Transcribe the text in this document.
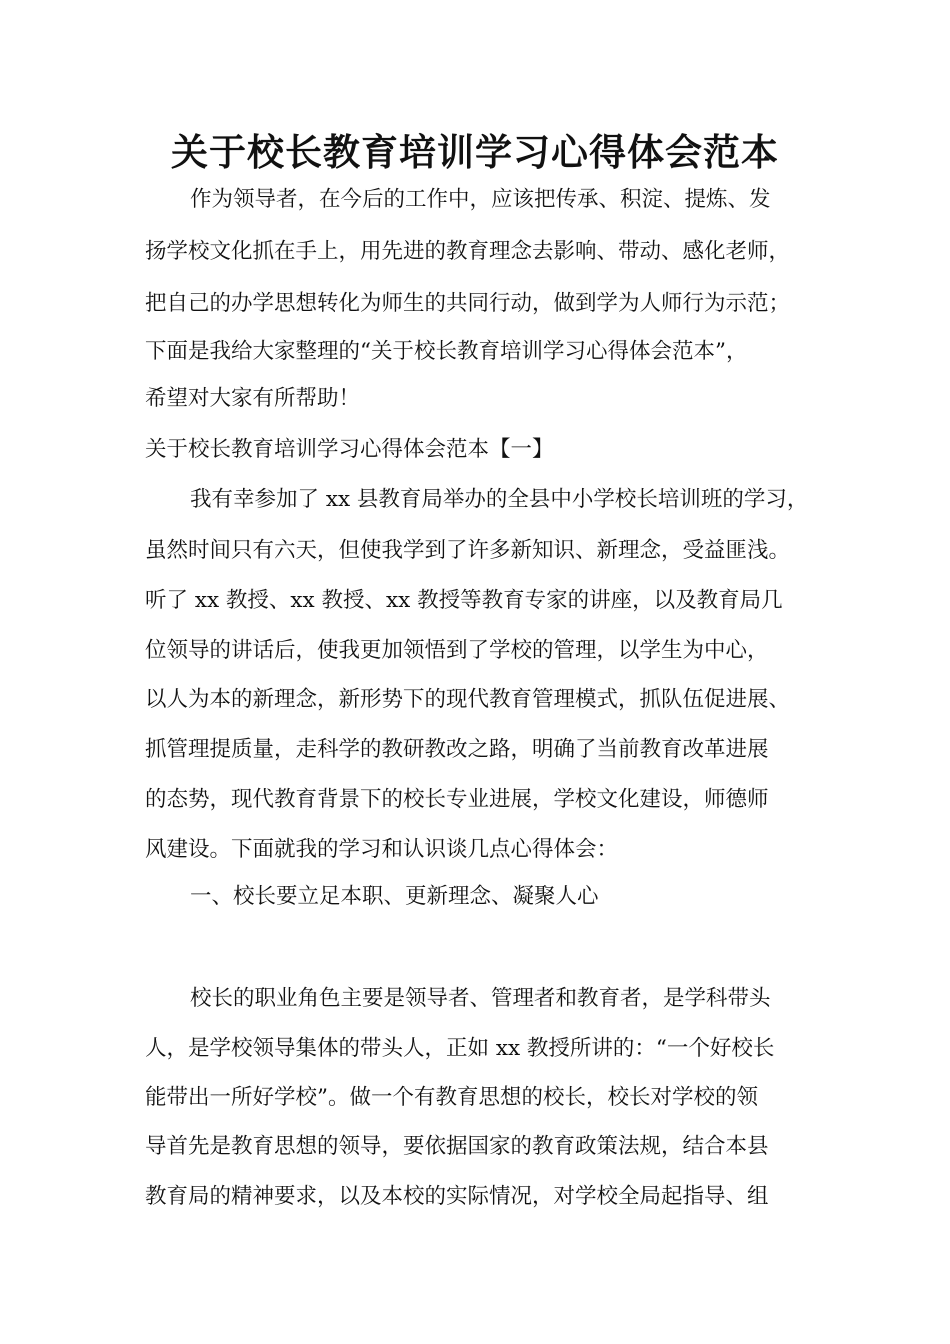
关于校长教育培训学习心得体会范本

作为领导者，在今后的工作中，应该把传承、积淀、提炼、发

扬学校文化抓在手上，用先进的教育理念去影响、带动、感化老师，

把自己的办学思想转化为师生的共同行动，做到学为人师行为示范；

下面是我给大家整理的“关于校长教育培训学习心得体会范本”，

希望对大家有所帮助！

关于校长教育培训学习心得体会范本【一】

我有幸参加了 xx 县教育局举办的全县中小学校长培训班的学习，

虽然时间只有六天，但使我学到了许多新知识、新理念，受益匪浅。

听了 xx 教授、xx 教授、xx 教授等教育专家的讲座，以及教育局几

位领导的讲话后，使我更加领悟到了学校的管理，以学生为中心，

以人为本的新理念，新形势下的现代教育管理模式，抓队伍促进展、

抓管理提质量，走科学的教研教改之路，明确了当前教育改革进展

的态势，现代教育背景下的校长专业进展，学校文化建设，师德师

风建设。下面就我的学习和认识谈几点心得体会：

一、校长要立足本职、更新理念、凝聚人心

校长的职业角色主要是领导者、管理者和教育者，是学科带头

人，是学校领导集体的带头人，正如 xx 教授所讲的：“一个好校长

能带出一所好学校”。做一个有教育思想的校长，校长对学校的领

导首先是教育思想的领导，要依据国家的教育政策法规，结合本县

教育局的精神要求，以及本校的实际情况，对学校全局起指导、组
